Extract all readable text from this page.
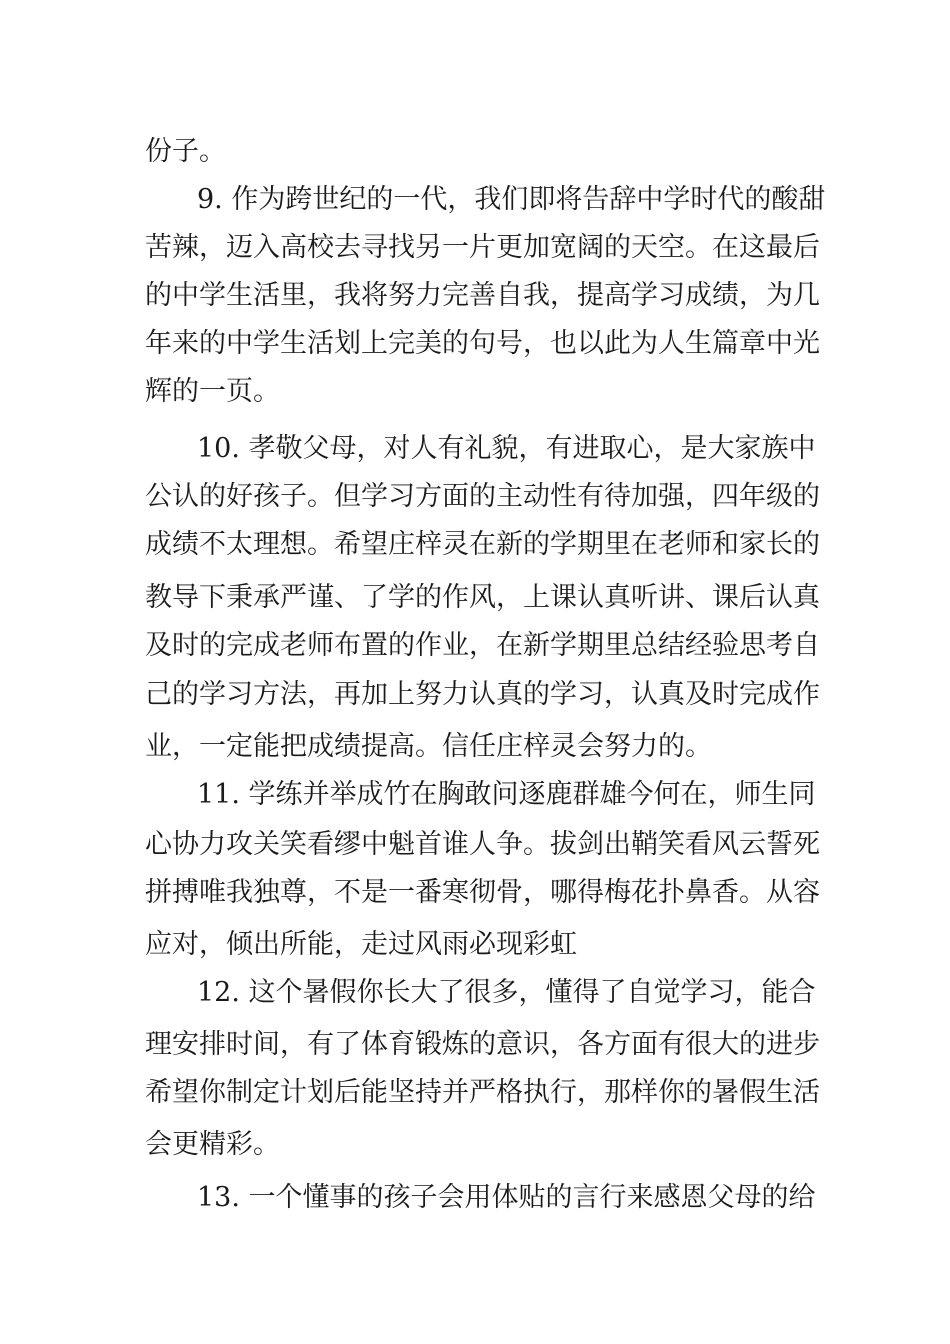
份子。

9. 作为跨世纪的一代，我们即将告辞中学时代的酸甜

苦辣，迈入高校去寻找另一片更加宽阔的天空。在这最后

的中学生活里，我将努力完善自我，提高学习成绩，为几

年来的中学生活划上完美的句号，也以此为人生篇章中光

辉的一页。

10. 孝敬父母，对人有礼貌，有进取心，是大家族中

公认的好孩子。但学习方面的主动性有待加强，四年级的

成绩不太理想。希望庄梓灵在新的学期里在老师和家长的

教导下秉承严谨、了学的作风，上课认真听讲、课后认真

及时的完成老师布置的作业，在新学期里总结经验思考自

己的学习方法，再加上努力认真的学习，认真及时完成作

业，一定能把成绩提高。信任庄梓灵会努力的。

11. 学练并举成竹在胸敢问逐鹿群雄今何在，师生同

心协力攻关笑看缪中魁首谁人争。拔剑出鞘笑看风云誓死

拼搏唯我独尊，不是一番寒彻骨，哪得梅花扑鼻香。从容

应对，倾出所能，走过风雨必现彩虹

12. 这个暑假你长大了很多，懂得了自觉学习，能合

理安排时间，有了体育锻炼的意识，各方面有很大的进步

希望你制定计划后能坚持并严格执行，那样你的暑假生活

会更精彩。

13. 一个懂事的孩子会用体贴的言行来感恩父母的给
